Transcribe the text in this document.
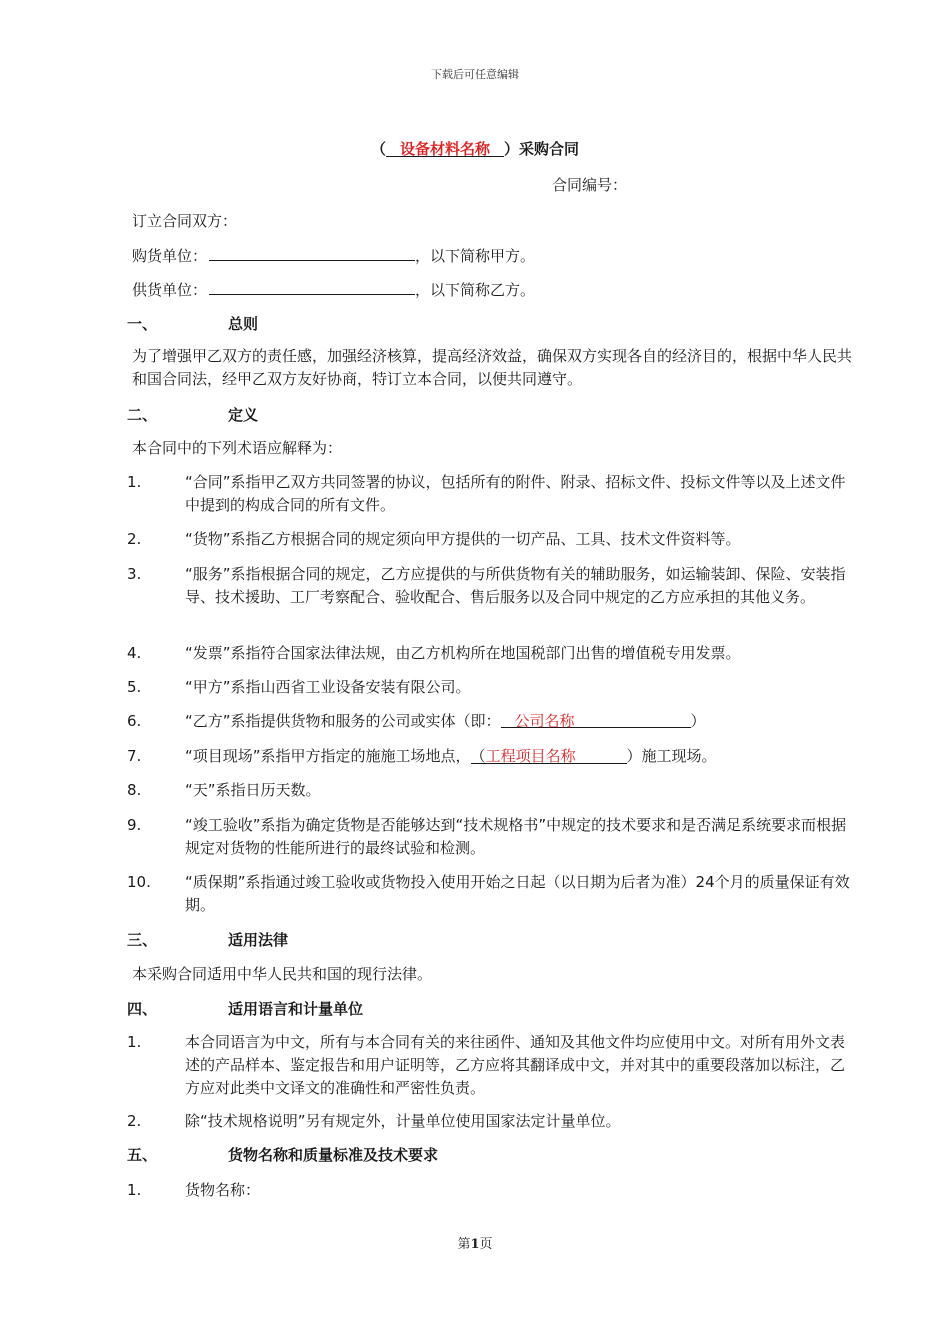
下载后可任意编辑
（ 设备材料名称 ）采购合同
合同编号：
订立合同双方：
购货单位：	，以下简称甲方。
供货单位：	，以下简称乙方。
一、	总则
为了增强甲乙双方的责任感，加强经济核算，提高经济效益，确保双方实现各自的经济目的，根据中华人民共和国合同法，经甲乙双方友好协商，特订立本合同，以便共同遵守。
二、	定义
本合同中的下列术语应解释为：
1.	“合同”系指甲乙双方共同签署的协议，包括所有的附件、附录、招标文件、投标文件等以及上述文件中提到的构成合同的所有文件。
2.	“货物”系指乙方根据合同的规定须向甲方提供的一切产品、工具、技术文件资料等。
3.	“服务”系指根据合同的规定，乙方应提供的与所供货物有关的辅助服务，如运输装卸、保险、安装指导、技术援助、工厂考察配合、验收配合、售后服务以及合同中规定的乙方应承担的其他义务。
4.	“发票”系指符合国家法律法规，由乙方机构所在地国税部门出售的增值税专用发票。
5.	“甲方”系指山西省工业设备安装有限公司。
6.	“乙方”系指提供货物和服务的公司或实体（即： 公司名称	）
7.	“项目现场”系指甲方指定的施施工场地点，（工程项目名称	）施工现场。
8.	“天”系指日历天数。
9.	“竣工验收”系指为确定货物是否能够达到“技术规格书”中规定的技术要求和是否满足系统要求而根据规定对货物的性能所进行的最终试验和检测。
10.	“质保期”系指通过竣工验收或货物投入使用开始之日起（以日期为后者为准）24个月的质量保证有效期。
三、	适用法律
本采购合同适用中华人民共和国的现行法律。
四、	适用语言和计量单位
1.	本合同语言为中文，所有与本合同有关的来往函件、通知及其他文件均应使用中文。对所有用外文表述的产品样本、鉴定报告和用户证明等，乙方应将其翻译成中文，并对其中的重要段落加以标注，乙方应对此类中文译文的准确性和严密性负责。
2.	除“技术规格说明”另有规定外，计量单位使用国家法定计量单位。
五、	货物名称和质量标准及技术要求
1.	货物名称：
第1页
